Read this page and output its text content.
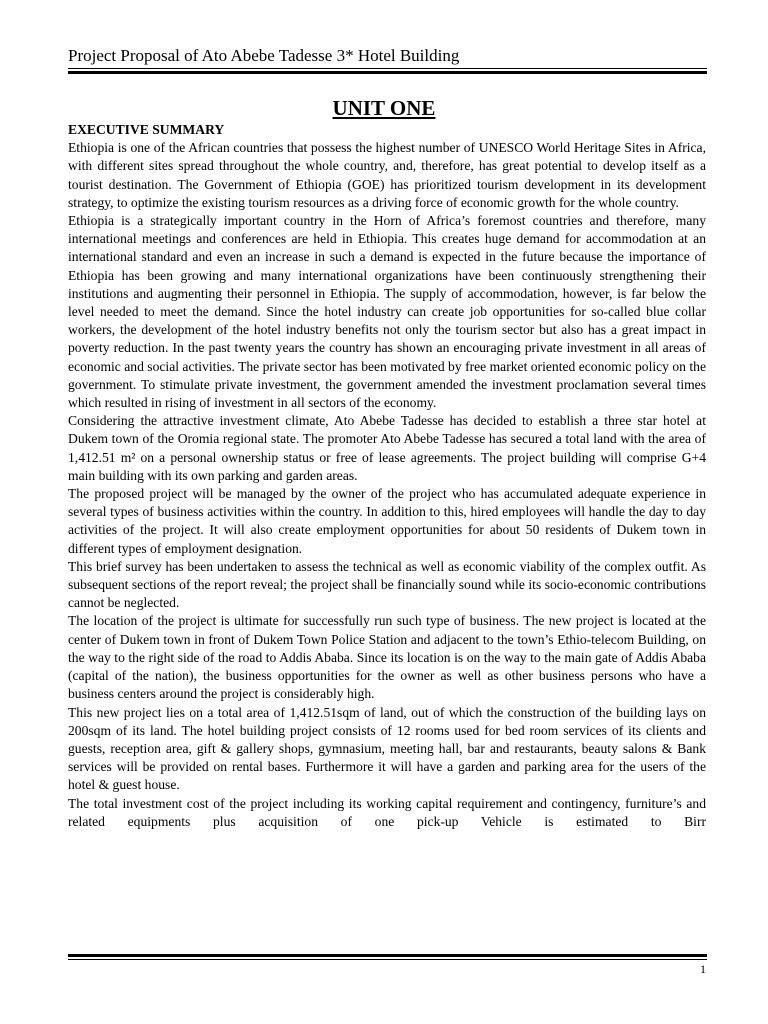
Project Proposal of Ato Abebe Tadesse 3* Hotel Building
UNIT ONE

EXECUTIVE SUMMARY

Ethiopia is one of the African countries that possess the highest number of UNESCO World Heritage Sites in Africa, with different sites spread throughout the whole country, and, therefore, has great potential to develop itself as a tourist destination. The Government of Ethiopia (GOE) has prioritized tourism development in its development strategy, to optimize the existing tourism resources as a driving force of economic growth for the whole country.

Ethiopia is a strategically important country in the Horn of Africa’s foremost countries and therefore, many international meetings and conferences are held in Ethiopia. This creates huge demand for accommodation at an international standard and even an increase in such a demand is expected in the future because the importance of Ethiopia has been growing and many international organizations have been continuously strengthening their institutions and augmenting their personnel in Ethiopia. The supply of accommodation, however, is far below the level needed to meet the demand. Since the hotel industry can create job opportunities for so-called blue collar workers, the development of the hotel industry benefits not only the tourism sector but also has a great impact in poverty reduction. In the past twenty years the country has shown an encouraging private investment in all areas of economic and social activities. The private sector has been motivated by free market oriented economic policy on the government. To stimulate private investment, the government amended the investment proclamation several times which resulted in rising of investment in all sectors of the economy.

Considering the attractive investment climate, Ato Abebe Tadesse has decided to establish a three star hotel at Dukem town of the Oromia regional state. The promoter Ato Abebe Tadesse has secured a total land with the area of 1,412.51 m² on a personal ownership status or free of lease agreements. The project building will comprise G+4 main building with its own parking and garden areas.

The proposed project will be managed by the owner of the project who has accumulated adequate experience in several types of business activities within the country. In addition to this, hired employees will handle the day to day activities of the project. It will also create employment opportunities for about 50 residents of Dukem town in different types of employment designation.

This brief survey has been undertaken to assess the technical as well as economic viability of the complex outfit. As subsequent sections of the report reveal; the project shall be financially sound while its socio-economic contributions cannot be neglected.

The location of the project is ultimate for successfully run such type of business. The new project is located at the center of Dukem town in front of Dukem Town Police Station and adjacent to the town’s Ethio-telecom Building, on the way to the right side of the road to Addis Ababa. Since its location is on the way to the main gate of Addis Ababa (capital of the nation), the business opportunities for the owner as well as other business persons who have a business centers around the project is considerably high.

This new project lies on a total area of 1,412.51sqm of land, out of which the construction of the building lays on 200sqm of its land. The hotel building project consists of 12 rooms used for bed room services of its clients and guests, reception area, gift & gallery shops, gymnasium, meeting hall, bar and restaurants, beauty salons & Bank services will be provided on rental bases. Furthermore it will have a garden and parking area for the users of the hotel & guest house.

The total investment cost of the project including its working capital requirement and contingency, furniture’s and related equipments plus acquisition of one pick-up Vehicle is estimated to Birr

1
